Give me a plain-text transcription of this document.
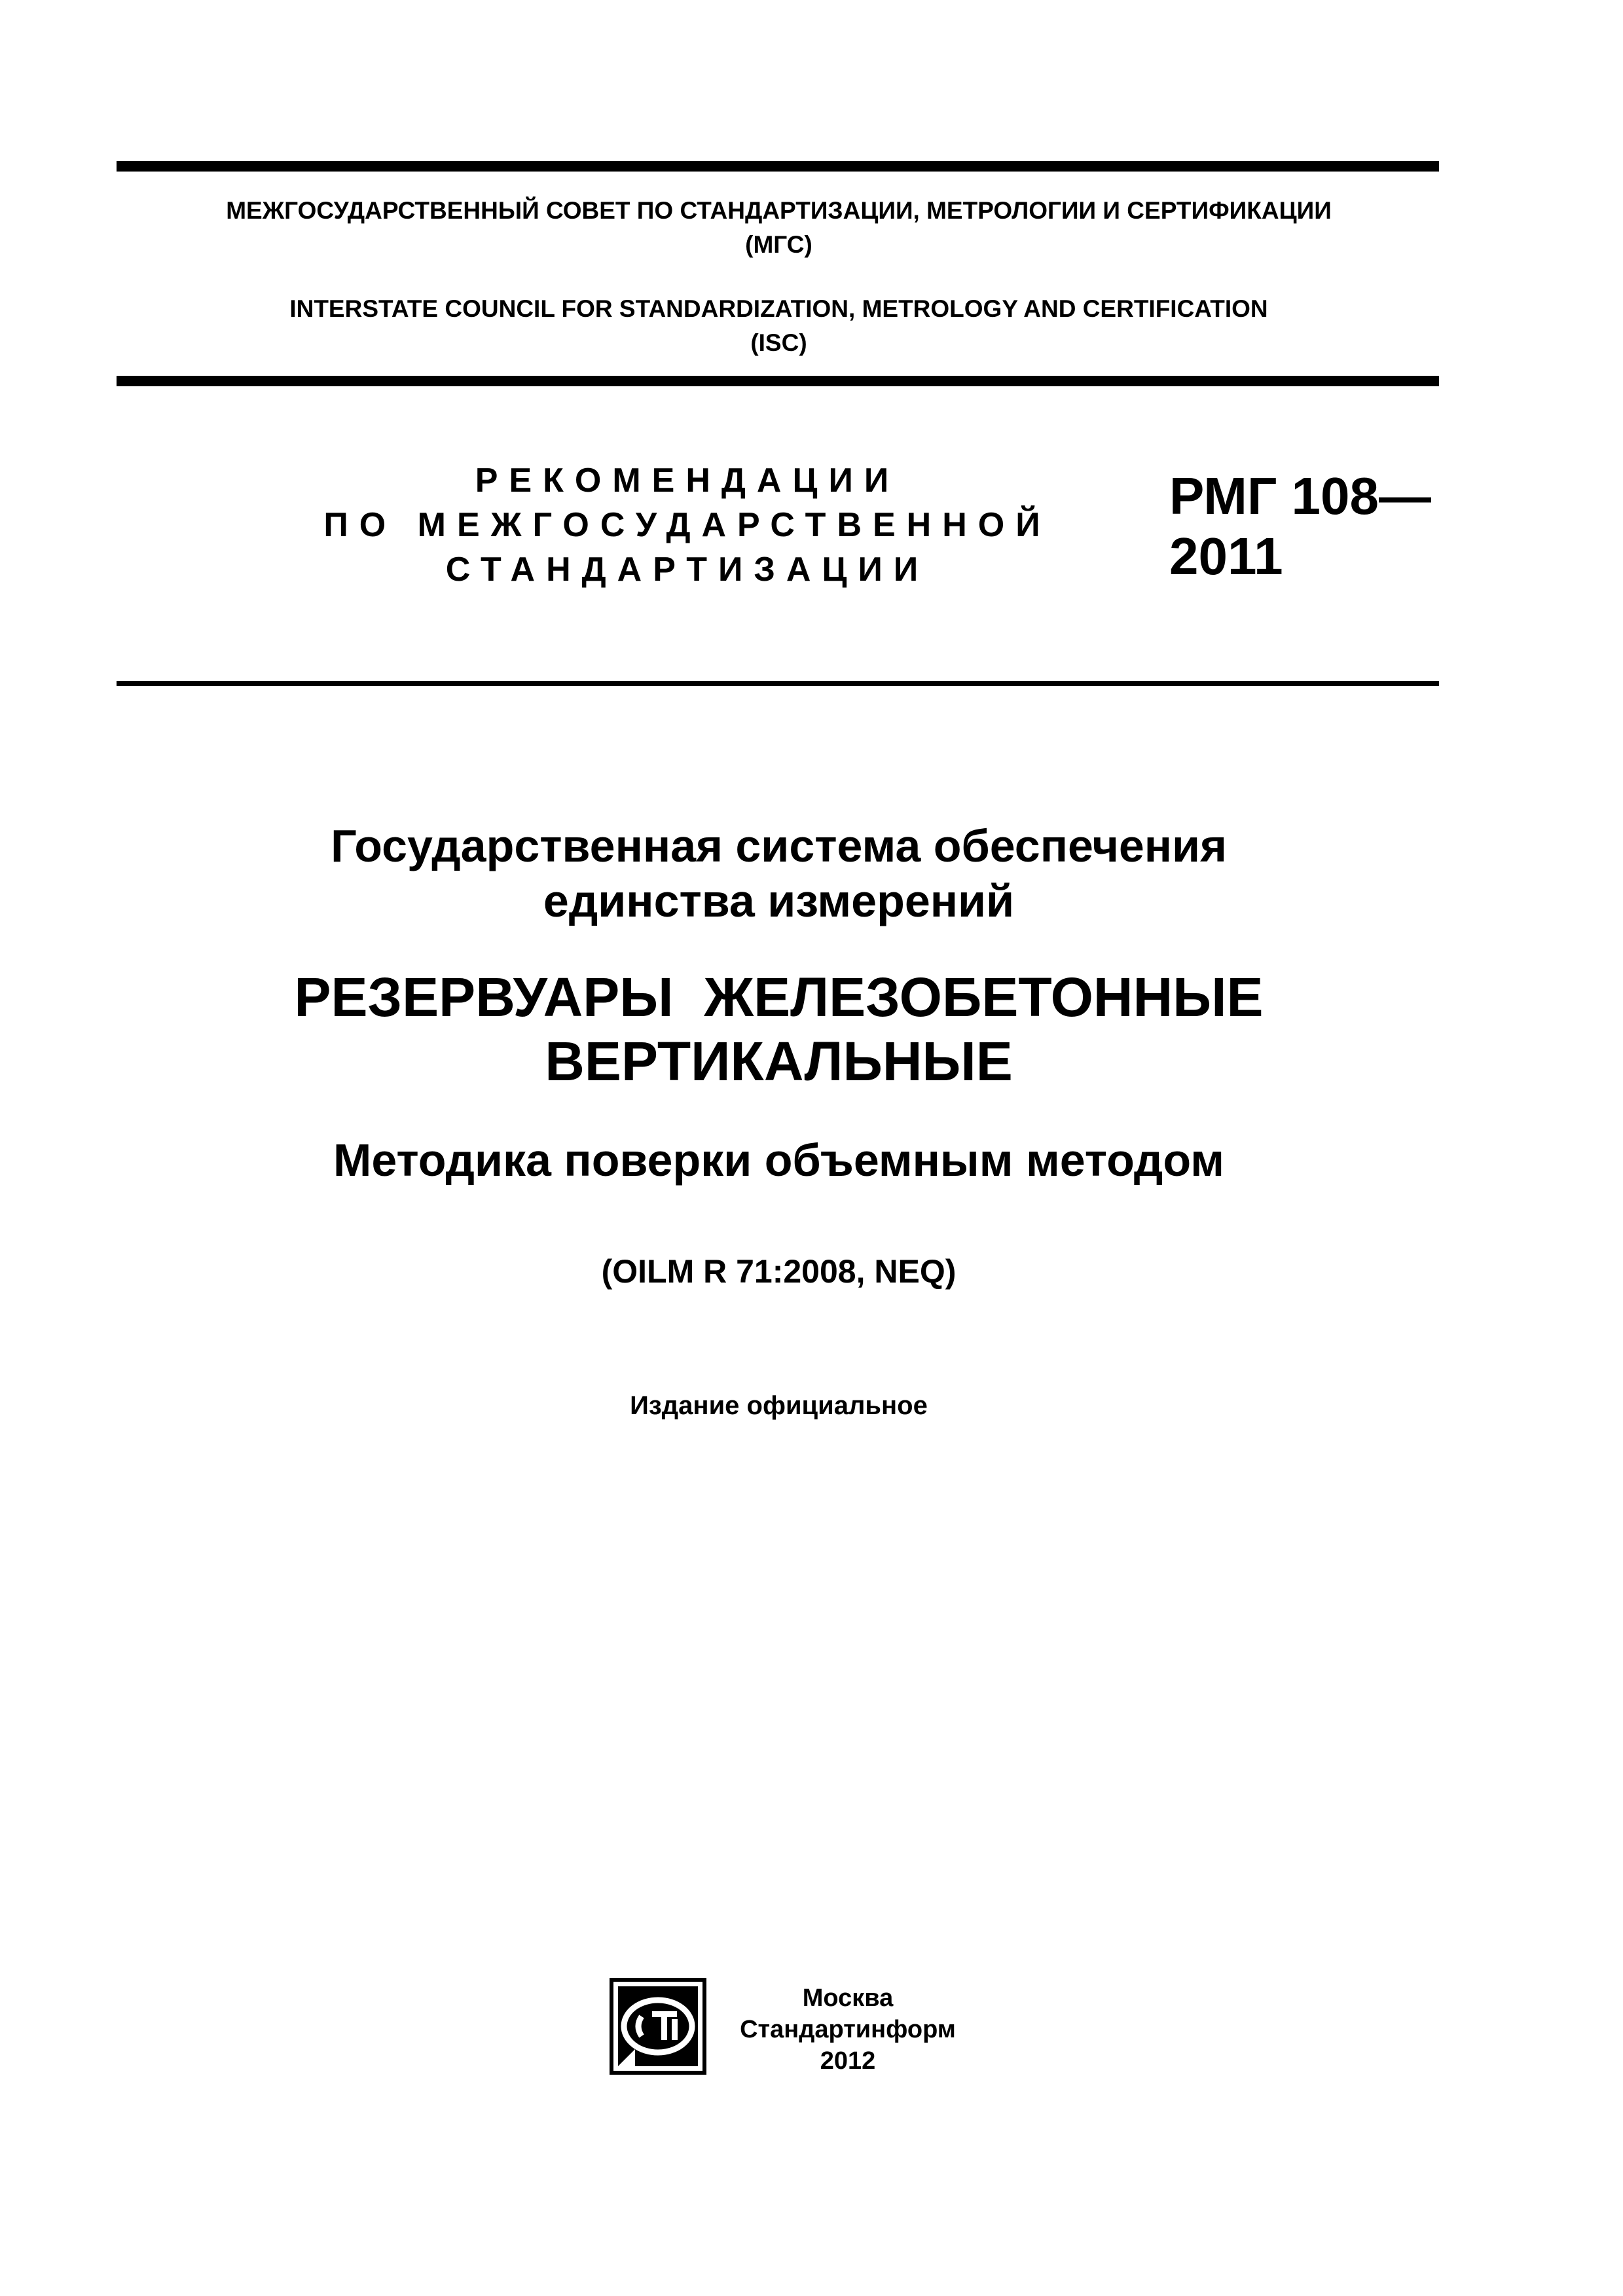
МЕЖГОСУДАРСТВЕННЫЙ СОВЕТ ПО СТАНДАРТИЗАЦИИ, МЕТРОЛОГИИ И СЕРТИФИКАЦИИ
(МГС)
INTERSTATE COUNCIL FOR STANDARDIZATION, METROLOGY AND CERTIFICATION
(ISC)
РЕКОМЕНДАЦИИ
ПО МЕЖГОСУДАРСТВЕННОЙ
СТАНДАРТИЗАЦИИ
РМГ 108—
2011
Государственная система обеспечения
единства измерений
РЕЗЕРВУАРЫ  ЖЕЛЕЗОБЕТОННЫЕ
ВЕРТИКАЛЬНЫЕ
Методика поверки объемным методом
(OILM R 71:2008, NEQ)
Издание официальное
Москва
Стандартинформ
2012
